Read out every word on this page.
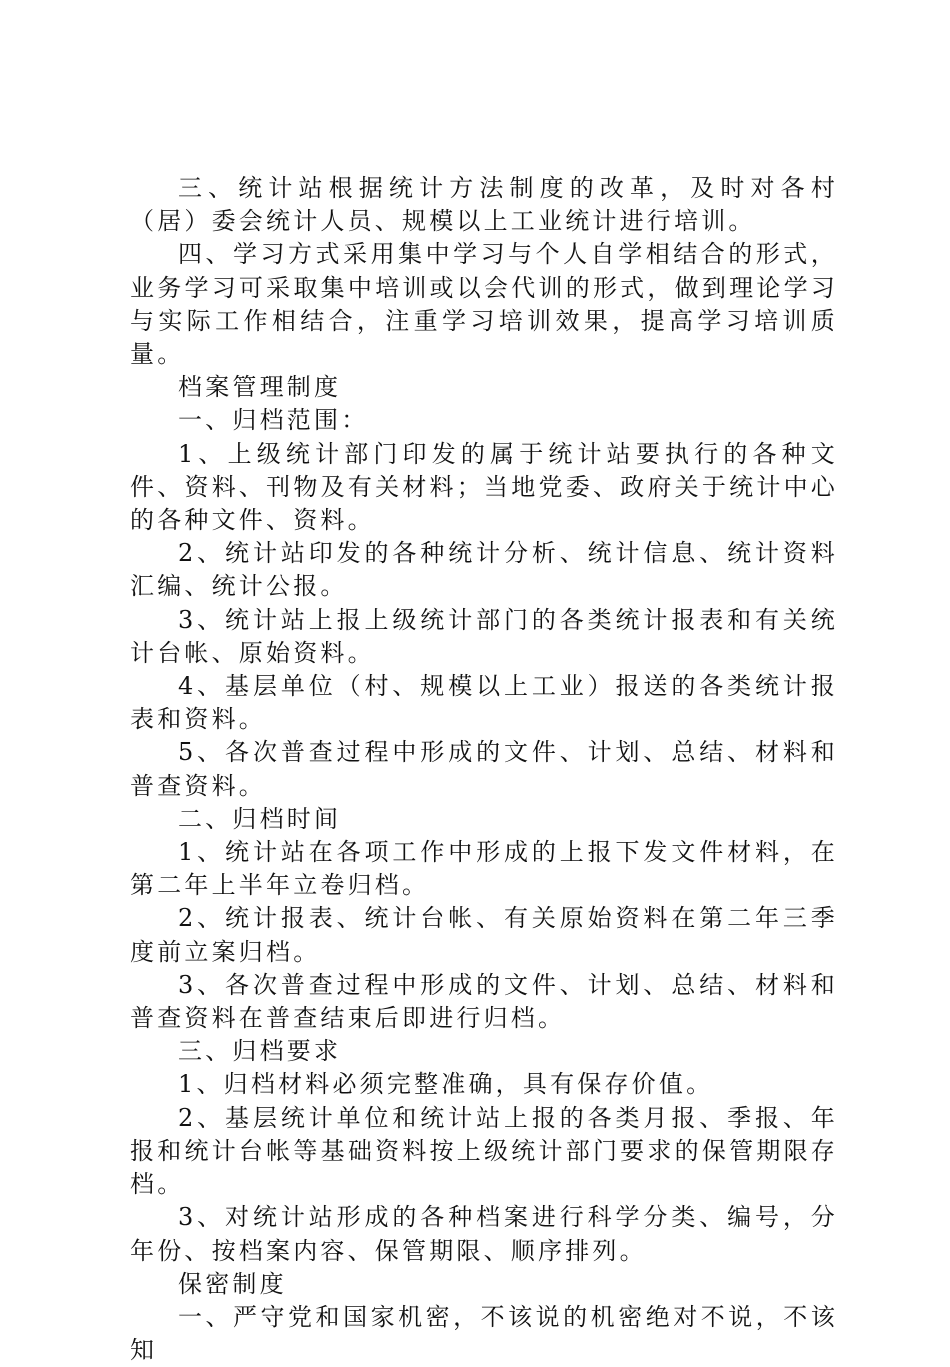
三、统计站根据统计方法制度的改革，及时对各村（居）委会统计人员、规模以上工业统计进行培训。

四、学习方式采用集中学习与个人自学相结合的形式，业务学习可采取集中培训或以会代训的形式，做到理论学习与实际工作相结合，注重学习培训效果，提高学习培训质量。

档案管理制度

一、归档范围：

1、上级统计部门印发的属于统计站要执行的各种文件、资料、刊物及有关材料；当地党委、政府关于统计中心的各种文件、资料。

2、统计站印发的各种统计分析、统计信息、统计资料汇编、统计公报。

3、统计站上报上级统计部门的各类统计报表和有关统计台帐、原始资料。

4、基层单位（村、规模以上工业）报送的各类统计报表和资料。

5、各次普查过程中形成的文件、计划、总结、材料和普查资料。

二、归档时间

1、统计站在各项工作中形成的上报下发文件材料，在第二年上半年立卷归档。

2、统计报表、统计台帐、有关原始资料在第二年三季度前立案归档。

3、各次普查过程中形成的文件、计划、总结、材料和普查资料在普查结束后即进行归档。

三、归档要求

1、归档材料必须完整准确，具有保存价值。

2、基层统计单位和统计站上报的各类月报、季报、年报和统计台帐等基础资料按上级统计部门要求的保管期限存档。

3、对统计站形成的各种档案进行科学分类、编号，分年份、按档案内容、保管期限、顺序排列。

保密制度

一、严守党和国家机密，不该说的机密绝对不说，不该知
